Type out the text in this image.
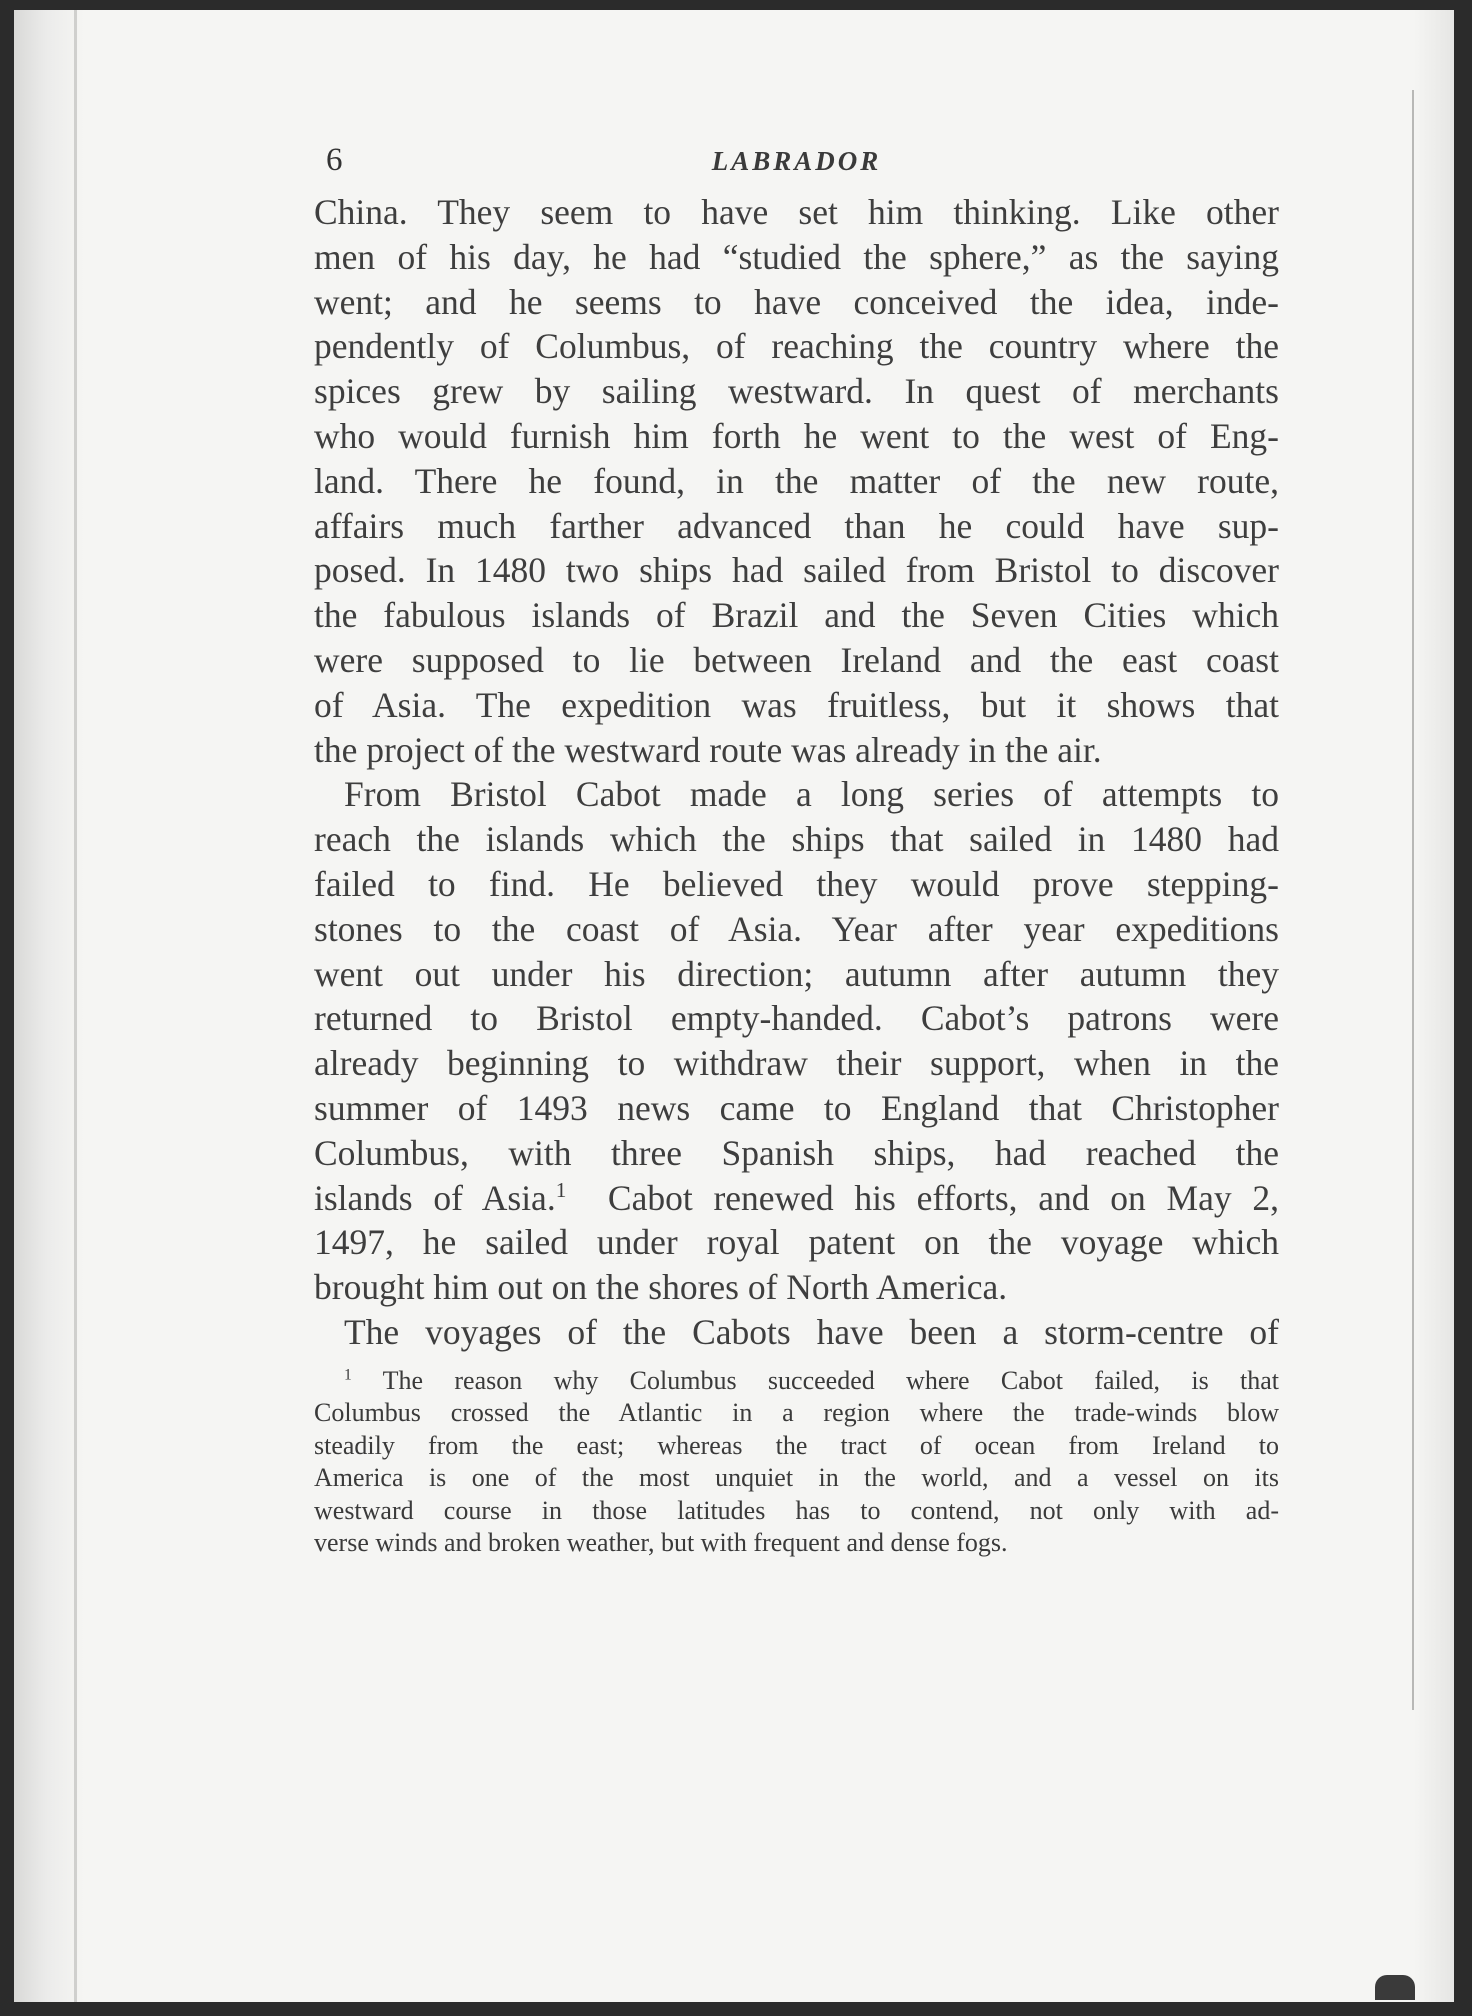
6	LABRADOR
China. They seem to have set him thinking. Like other
men of his day, he had “studied the sphere,” as the saying
went; and he seems to have conceived the idea, inde-
pendently of Columbus, of reaching the country where the
spices grew by sailing westward. In quest of merchants
who would furnish him forth he went to the west of Eng-
land. There he found, in the matter of the new route,
affairs much farther advanced than he could have sup-
posed. In 1480 two ships had sailed from Bristol to discover
the fabulous islands of Brazil and the Seven Cities which
were supposed to lie between Ireland and the east coast
of Asia. The expedition was fruitless, but it shows that
the project of the westward route was already in the air.
From Bristol Cabot made a long series of attempts to
reach the islands which the ships that sailed in 1480 had
failed to find. He believed they would prove stepping-
stones to the coast of Asia. Year after year expeditions
went out under his direction; autumn after autumn they
returned to Bristol empty-handed. Cabot’s patrons were
already beginning to withdraw their support, when in the
summer of 1493 news came to England that Christopher
Columbus, with three Spanish ships, had reached the
islands of Asia.$^1$ Cabot renewed his efforts, and on May 2,
1497, he sailed under royal patent on the voyage which
brought him out on the shores of North America.
The voyages of the Cabots have been a storm-centre of
$^1$ The reason why Columbus succeeded where Cabot failed, is that
Columbus crossed the Atlantic in a region where the trade-winds blow
steadily from the east; whereas the tract of ocean from Ireland to
America is one of the most unquiet in the world, and a vessel on its
westward course in those latitudes has to contend, not only with ad-
verse winds and broken weather, but with frequent and dense fogs.
